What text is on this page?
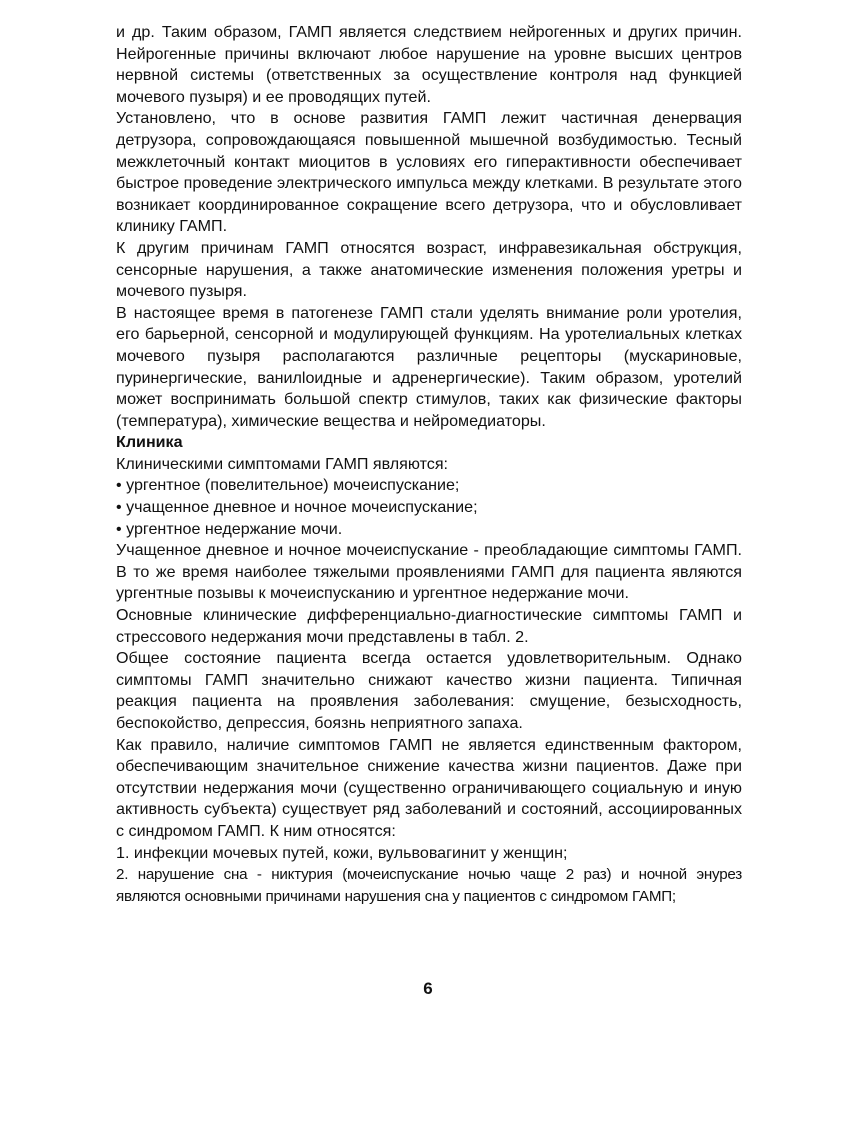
и др. Таким образом, ГАМП является следствием нейрогенных и других причин. Нейрогенные причины включают любое нарушение на уровне высших центров нервной системы (ответственных за осуществление контроля над функцией мочевого пузыря) и ее проводящих путей.

Установлено, что в основе развития ГАМП лежит частичная денервация детрузора, сопровождающаяся повышенной мышечной возбудимостью. Тесный межклеточный контакт миоцитов в условиях его гиперактивности обеспечивает быстрое проведение электрического импульса между клетками. В результате этого возникает координированное сокращение всего детрузора, что и обусловливает клинику ГАМП.

К другим причинам ГАМП относятся возраст, инфравезикальная обструкция, сенсорные нарушения, а также анатомические изменения положения уретры и мочевого пузыря.

В настоящее время в патогенезе ГАМП стали уделять внимание роли уротелия, его барьерной, сенсорной и модулирующей функциям. На уротелиальных клетках мочевого пузыря располагаются различные рецепторы (мускариновые, пуринергические, ванилloидные и адренергические). Таким образом, уротелий может воспринимать большой спектр стимулов, таких как физические факторы (температура), химические вещества и нейромедиаторы.

Клиника

Клиническими симптомами ГАМП являются:

• ургентное (повелительное) мочеиспускание;

• учащенное дневное и ночное мочеиспускание;

• ургентное недержание мочи.

Учащенное дневное и ночное мочеиспускание - преобладающие симптомы ГАМП. В то же время наиболее тяжелыми проявлениями ГАМП для пациента являются ургентные позывы к мочеиспусканию и ургентное недержание мочи.

Основные клинические дифференциально-диагностические симптомы ГАМП и стрессового недержания мочи представлены в табл. 2.

Общее состояние пациента всегда остается удовлетворительным. Однако симптомы ГАМП значительно снижают качество жизни пациента. Типичная реакция пациента на проявления заболевания: смущение, безысходность, беспокойство, депрессия, боязнь неприятного запаха.

Как правило, наличие симптомов ГАМП не является единственным фактором, обеспечивающим значительное снижение качества жизни пациентов. Даже при отсутствии недержания мочи (существенно ограничивающего социальную и иную активность субъекта) существует ряд заболеваний и состояний, ассоциированных с синдромом ГАМП. К ним относятся:

1. инфекции мочевых путей, кожи, вульвовагинит у женщин;

2. нарушение сна - никтурия (мочеиспускание ночью чаще 2 раз) и ночной энурез являются основными причинами нарушения сна у пациентов с синдромом ГАМП;

6
